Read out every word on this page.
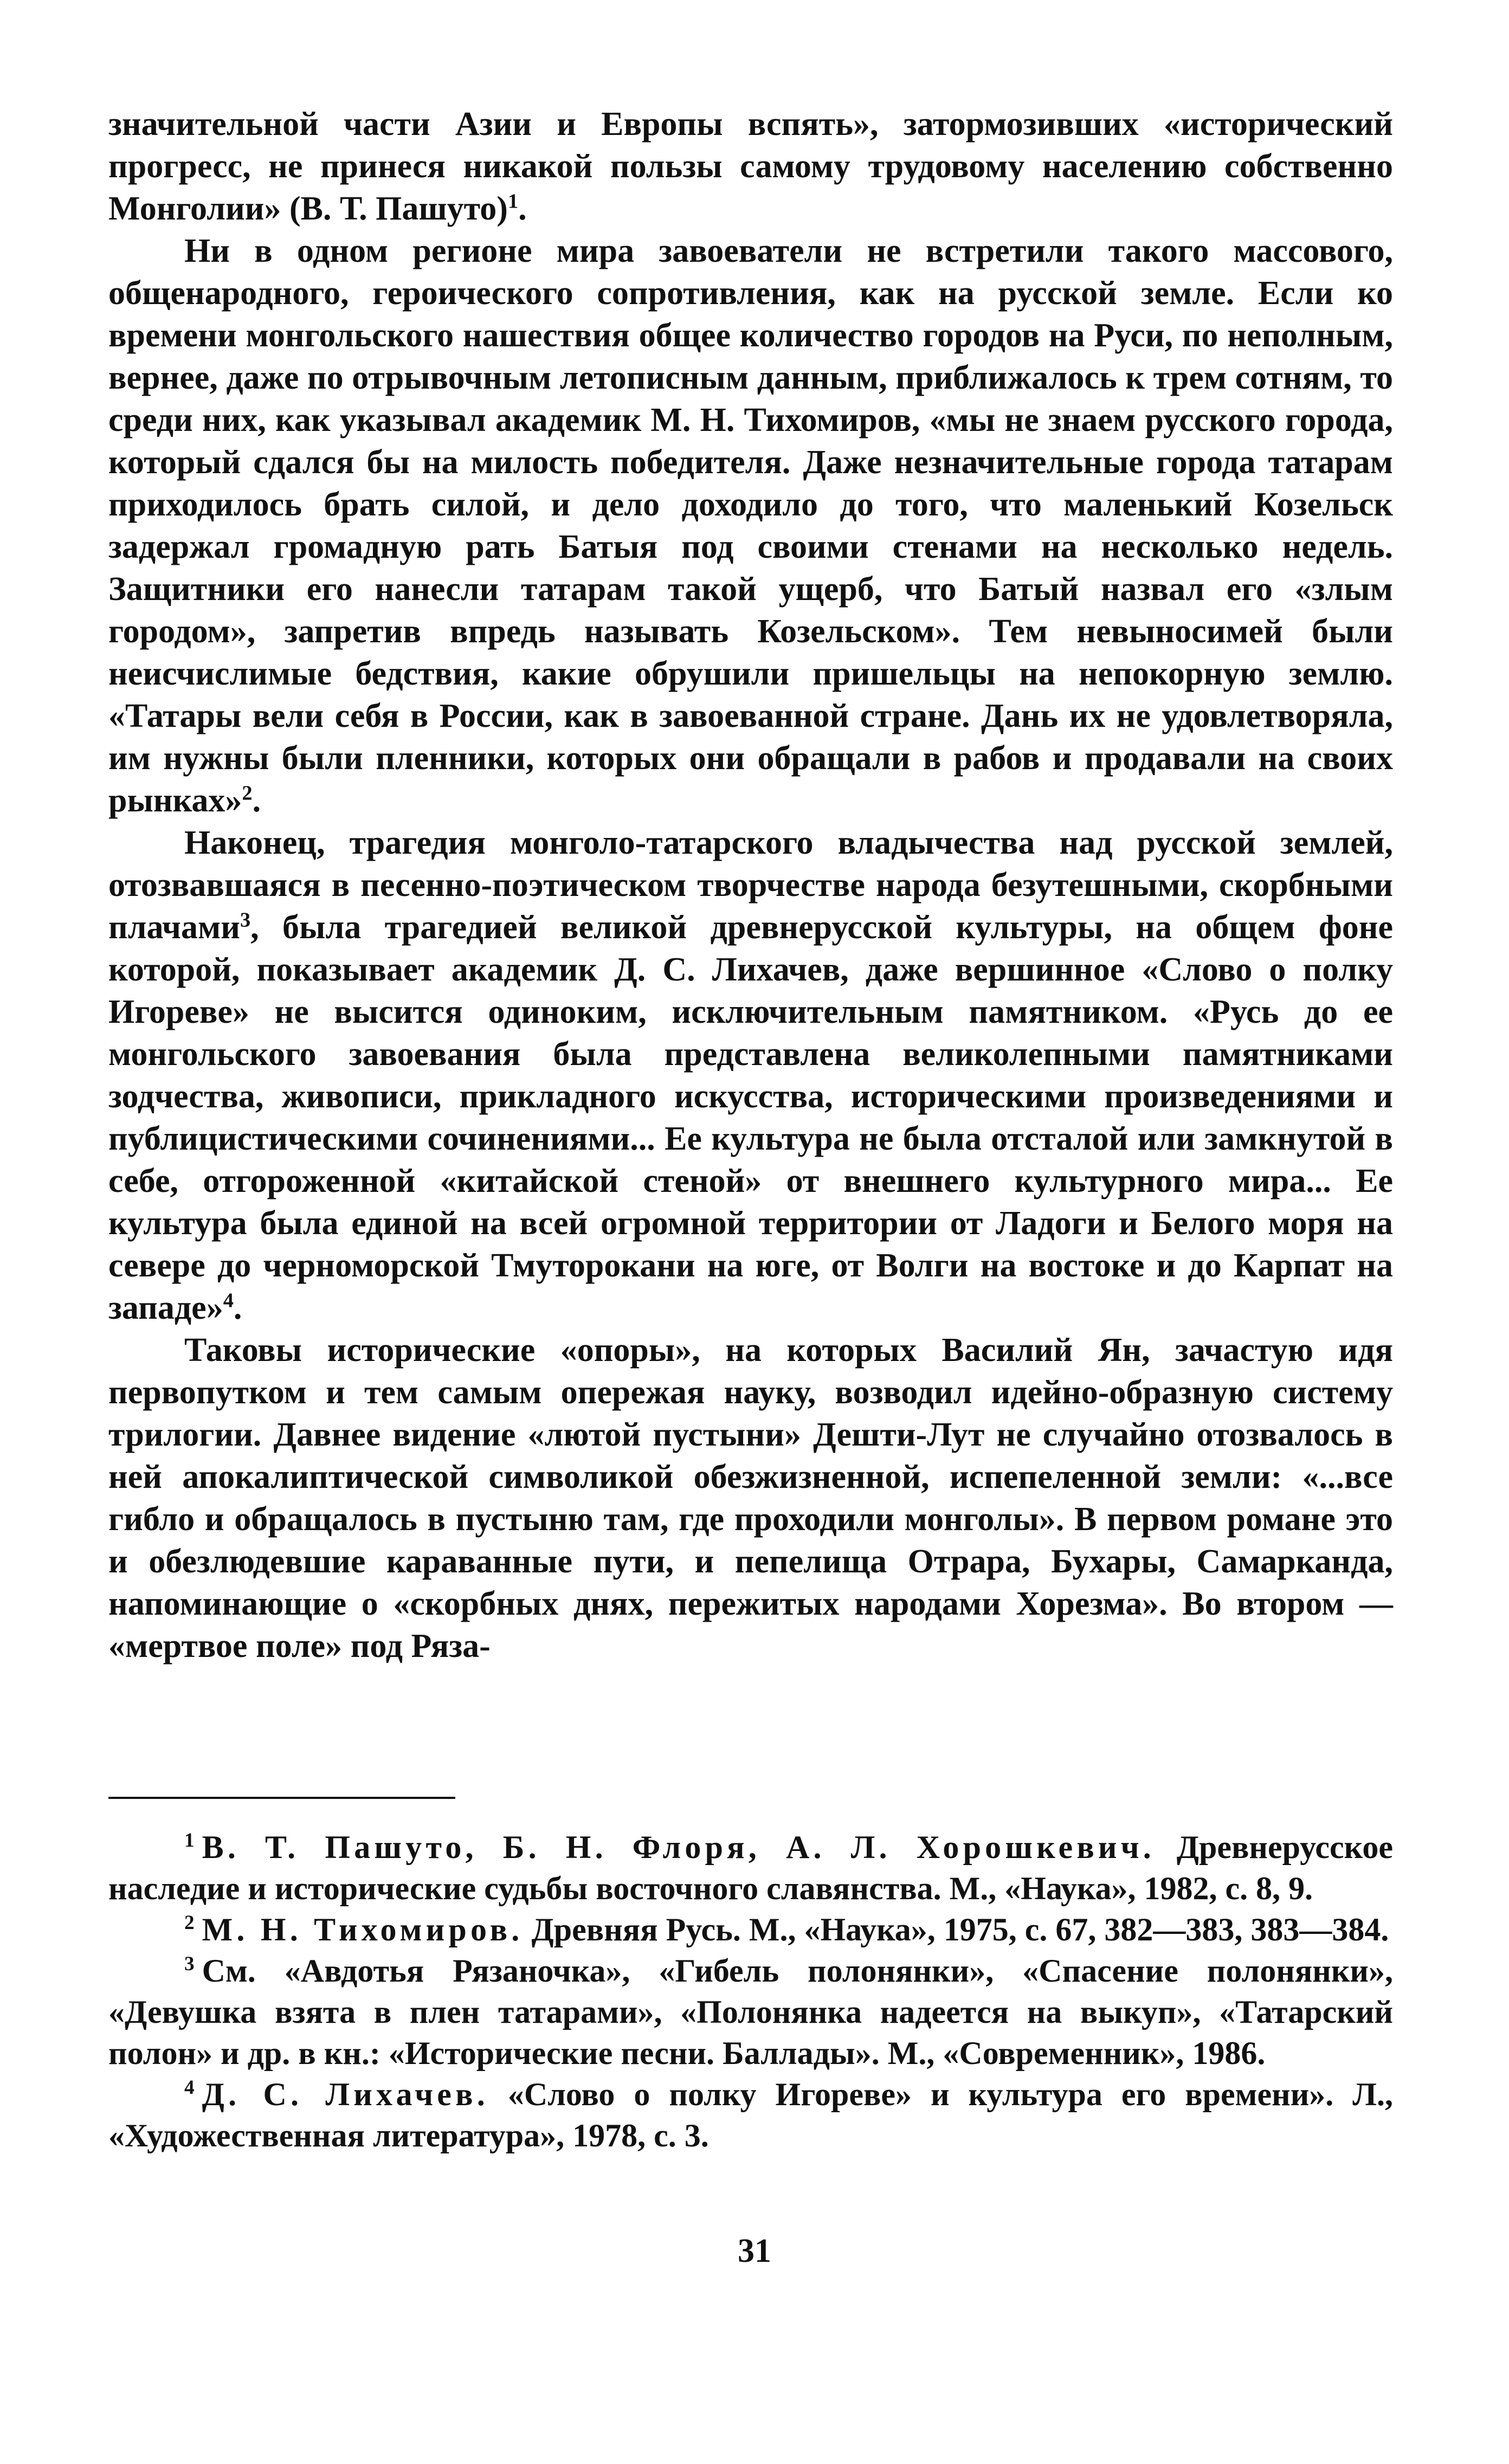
значительной части Азии и Европы вспять», затормозивших «исторический прогресс, не принеся никакой пользы самому трудовому населению собственно Монголии» (В. Т. Пашуто)$^1$.

Ни в одном регионе мира завоеватели не встретили такого массового, общенародного, героического сопротивления, как на русской земле. Если ко времени монгольского нашествия общее количество городов на Руси, по неполным, вернее, даже по отрывочным летописным данным, приближалось к трем сотням, то среди них, как указывал академик М. Н. Тихомиров, «мы не знаем русского города, который сдался бы на милость победителя. Даже незначительные города татарам приходилось брать силой, и дело доходило до того, что маленький Козельск задержал громадную рать Батыя под своими стенами на несколько недель. Защитники его нанесли татарам такой ущерб, что Батый назвал его «злым городом», запретив впредь называть Козельском». Тем невыносимей были неисчислимые бедствия, какие обрушили пришельцы на непокорную землю. «Татары вели себя в России, как в завоеванной стране. Дань их не удовлетворяла, им нужны были пленники, которых они обращали в рабов и продавали на своих рынках»$^2$.

Наконец, трагедия монголо-татарского владычества над русской землей, отозвавшаяся в песенно-поэтическом творчестве народа безутешными, скорбными плачами$^3$, была трагедией великой древнерусской культуры, на общем фоне которой, показывает академик Д. С. Лихачев, даже вершинное «Слово о полку Игореве» не высится одиноким, исключительным памятником. «Русь до ее монгольского завоевания была представлена великолепными памятниками зодчества, живописи, прикладного искусства, историческими произведениями и публицистическими сочинениями... Ее культура не была отсталой или замкнутой в себе, отгороженной «китайской стеной» от внешнего культурного мира... Ее культура была единой на всей огромной территории от Ладоги и Белого моря на севере до черноморской Тмуторокани на юге, от Волги на востоке и до Карпат на западе»$^4$.

Таковы исторические «опоры», на которых Василий Ян, зачастую идя первопутком и тем самым опережая науку, возводил идейно-образную систему трилогии. Давнее видение «лютой пустыни» Дешти-Лут не случайно отозвалось в ней апокалиптической символикой обезжизненной, испепеленной земли: «...все гибло и обращалось в пустыню там, где проходили монголы». В первом романе это и обезлюдевшие караванные пути, и пепелища Отрара, Бухары, Самарканда, напоминающие о «скорбных днях, пережитых народами Хорезма». Во втором — «мертвое поле» под Ряза-

$^1$ В. Т. Пашуто, Б. Н. Флоря, А. Л. Хорошкевич. Древнерусское наследие и исторические судьбы восточного славянства. М., «Наука», 1982, с. 8, 9.

$^2$ М. Н. Тихомиров. Древняя Русь. М., «Наука», 1975, с. 67, 382—383, 383—384.

$^3$ См. «Авдотья Рязаночка», «Гибель полонянки», «Спасение полонянки», «Девушка взята в плен татарами», «Полонянка надеется на выкуп», «Татарский полон» и др. в кн.: «Исторические песни. Баллады». М., «Современник», 1986.

$^4$ Д. С. Лихачев. «Слово о полку Игореве» и культура его времени». Л., «Художественная литература», 1978, с. 3.

31
